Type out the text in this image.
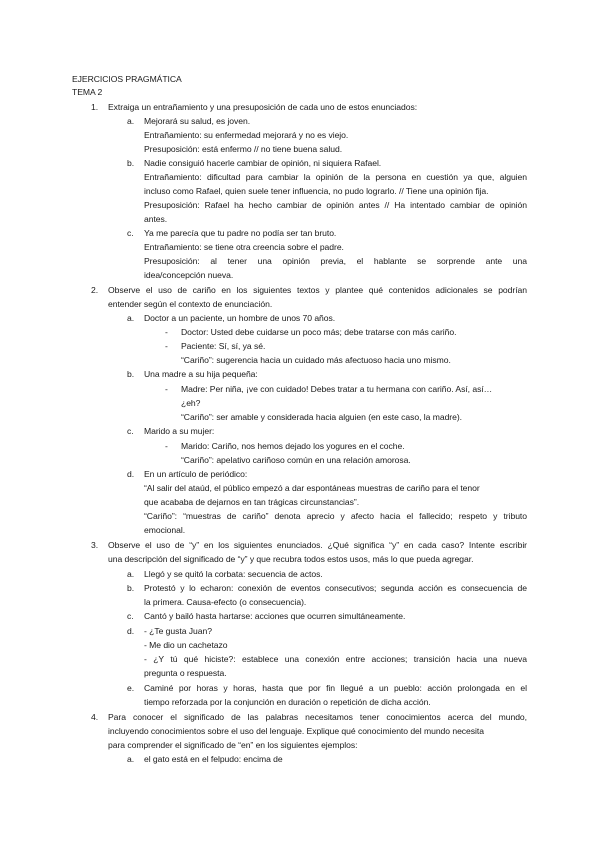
EJERCICIOS PRAGMÁTICA
TEMA 2
1. Extraiga un entrañamiento y una presuposición de cada uno de estos enunciados:
a. Mejorará su salud, es joven.
Entrañamiento: su enfermedad mejorará y no es viejo.
Presuposición: está enfermo // no tiene buena salud.
b. Nadie consiguió hacerle cambiar de opinión, ni siquiera Rafael.
Entrañamiento: dificultad para cambiar la opinión de la persona en cuestión ya que, alguien
incluso como Rafael, quien suele tener influencia, no pudo lograrlo. // Tiene una opinión fija.
Presuposición: Rafael ha hecho cambiar de opinión antes // Ha intentado cambiar de opinión
antes.
c. Ya me parecía que tu padre no podía ser tan bruto.
Entrañamiento: se tiene otra creencia sobre el padre.
Presuposición: al tener una opinión previa, el hablante se sorprende ante una
idea/concepción nueva.
2. Observe el uso de cariño en los siguientes textos y plantee qué contenidos adicionales se podrían
entender según el contexto de enunciación.
a. Doctor a un paciente, un hombre de unos 70 años.
- Doctor: Usted debe cuidarse un poco más; debe tratarse con más cariño.
- Paciente: Sí, sí, ya sé.
“Cariño”: sugerencia hacia un cuidado más afectuoso hacia uno mismo.
b. Una madre a su hija pequeña:
- Madre: Per niña, ¡ve con cuidado! Debes tratar a tu hermana con cariño. Así, así…
¿eh?
“Cariño”: ser amable y considerada hacia alguien (en este caso, la madre).
c. Marido a su mujer:
- Marido: Cariño, nos hemos dejado los yogures en el coche.
“Cariño”: apelativo cariñoso común en una relación amorosa.
d. En un artículo de periódico:
“Al salir del ataúd, el público empezó a dar espontáneas muestras de cariño para el tenor
que acababa de dejarnos en tan trágicas circunstancias”.
“Cariño”: “muestras de cariño” denota aprecio y afecto hacia el fallecido; respeto y tributo
emocional.
3. Observe el uso de “y” en los siguientes enunciados. ¿Qué significa “y” en cada caso? Intente escribir
una descripción del significado de “y” y que recubra todos estos usos, más lo que pueda agregar.
a. Llegó y se quitó la corbata: secuencia de actos.
b. Protestó y lo echaron: conexión de eventos consecutivos; segunda acción es consecuencia de
la primera. Causa-efecto (o consecuencia).
c. Cantó y bailó hasta hartarse: acciones que ocurren simultáneamente.
d. - ¿Te gusta Juan?
- Me dio un cachetazo
- ¿Y tú qué hiciste?: establece una conexión entre acciones; transición hacia una nueva
pregunta o respuesta.
e. Caminé por horas y horas, hasta que por fin llegué a un pueblo: acción prolongada en el
tiempo reforzada por la conjunción en duración o repetición de dicha acción.
4. Para conocer el significado de las palabras necesitamos tener conocimientos acerca del mundo,
incluyendo conocimientos sobre el uso del lenguaje. Explique qué conocimiento del mundo necesita
para comprender el significado de “en” en los siguientes ejemplos:
a. el gato está en el felpudo: encima de
